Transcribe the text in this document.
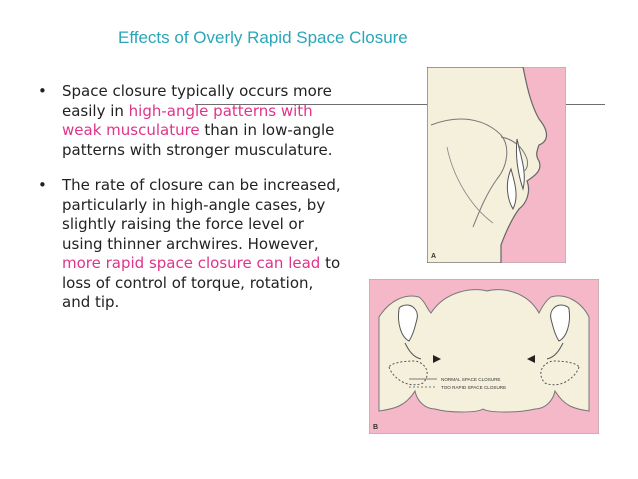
Effects of Overly Rapid Space Closure
• Space closure typically occurs more easily in high-angle patterns with weak musculature than in low-angle patterns with stronger musculature.
• The rate of closure can be increased, particularly in high-angle cases, by slightly raising the force level or using thinner archwires. However, more rapid space closure can lead to loss of control of torque, rotation, and tip.
A
NORMAL SPACE CLOSURE
TOO RAPID SPACE CLOSURE
B
